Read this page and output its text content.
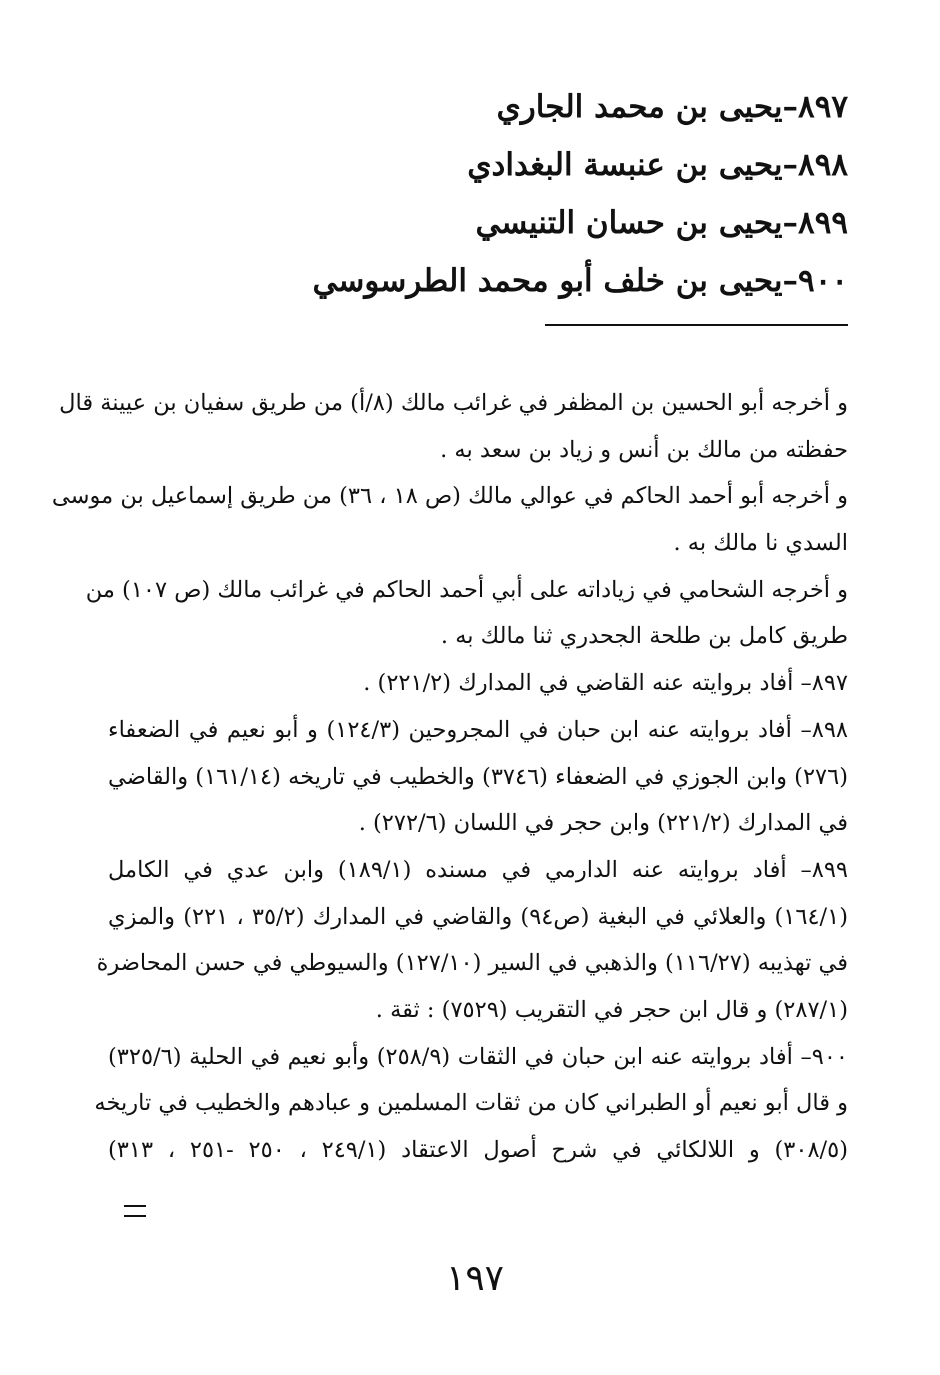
٨٩٧–يحيى بن محمد الجاري
٨٩٨–يحيى بن عنبسة البغدادي
٨٩٩–يحيى بن حسان التنيسي
٩٠٠–يحيى بن خلف أبو محمد الطرسوسي
و أخرجه أبو الحسين بن المظفر في غرائب مالك (٨/أ) من طريق سفيان بن عيينة قال
حفظته من مالك بن أنس و زياد بن سعد به .
و أخرجه أبو أحمد الحاكم في عوالي مالك (ص ١٨ ، ٣٦) من طريق إسماعيل بن موسى
السدي نا مالك به .
و أخرجه الشحامي في زياداته على أبي أحمد الحاكم في غرائب مالك (ص ١٠٧) من
طريق كامل بن طلحة الجحدري ثنا مالك به .
٨٩٧– أفاد بروايته عنه القاضي في المدارك (٢٢١/٢) .
٨٩٨– أفاد بروايته عنه ابن حبان في المجروحين (١٢٤/٣) و أبو نعيم في الضعفاء
(٢٧٦) وابن الجوزي في الضعفاء (٣٧٤٦) والخطيب في تاريخه (١٦١/١٤) والقاضي
في المدارك (٢٢١/٢) وابن حجر في اللسان (٢٧٢/٦) .
٨٩٩– أفاد بروايته عنه الدارمي في مسنده (١٨٩/١) وابن عدي في الكامل
(١٦٤/١) والعلائي في البغية (ص٩٤) والقاضي في المدارك (٣٥/٢ ، ٢٢١) والمزي
في تهذيبه (١١٦/٢٧) والذهبي في السير (١٢٧/١٠) والسيوطي في حسن المحاضرة
(٢٨٧/١) و قال ابن حجر في التقريب (٧٥٢٩) : ثقة .
٩٠٠– أفاد بروايته عنه ابن حبان في الثقات (٢٥٨/٩) وأبو نعيم في الحلية (٣٢٥/٦)
و قال أبو نعيم أو الطبراني كان من ثقات المسلمين و عبادهم والخطيب في تاريخه
(٣٠٨/٥) و اللالكائي في شرح أصول الاعتقاد (٢٤٩/١ ، ٢٥٠ -٢٥١ ، ٣١٣)
١٩٧
